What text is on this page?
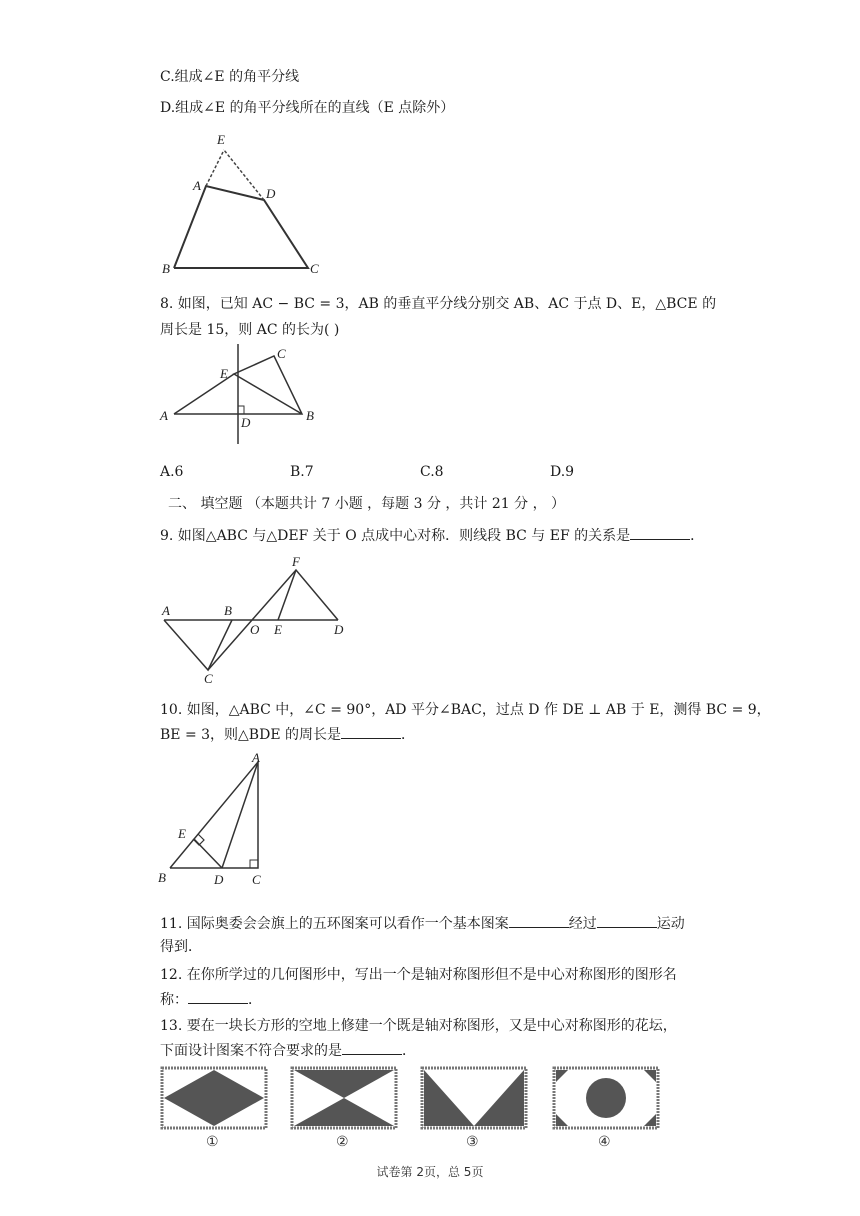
C.组成∠E 的角平分线
D.组成∠E 的角平分线所在的直线（E 点除外）
E
A
D
B	C
8. 如图，已知 AC − BC = 3，AB 的垂直平分线分别交 AB、AC 于点 D、E，△BCE 的
周长是 15，则 AC 的长为( )
C
E
A	D	B
A.6	B.7	C.8	D.9
二、 填空题 （本题共计 7 小题 ，每题 3 分 ，共计 21 分 ， ）
9. 如图△ABC 与△DEF 关于 O 点成中心对称．则线段 BC 与 EF 的关系是	．
F
A	B
O E	D
C
10. 如图，△ABC 中，∠C = 90°，AD 平分∠BAC，过点 D 作 DE ⊥ AB 于 E，测得 BC = 9，
BE = 3，则△BDE 的周长是	．
A
E
B	D C
11. 国际奥委会会旗上的五环图案可以看作一个基本图案	经过	运动
得到．
12. 在你所学过的几何图形中，写出一个是轴对称图形但不是中心对称图形的图形名
称：	．
13. 要在一块长方形的空地上修建一个既是轴对称图形，又是中心对称图形的花坛，
下面设计图案不符合要求的是	．
①	②	③	④
试卷第 2页，总 5页
